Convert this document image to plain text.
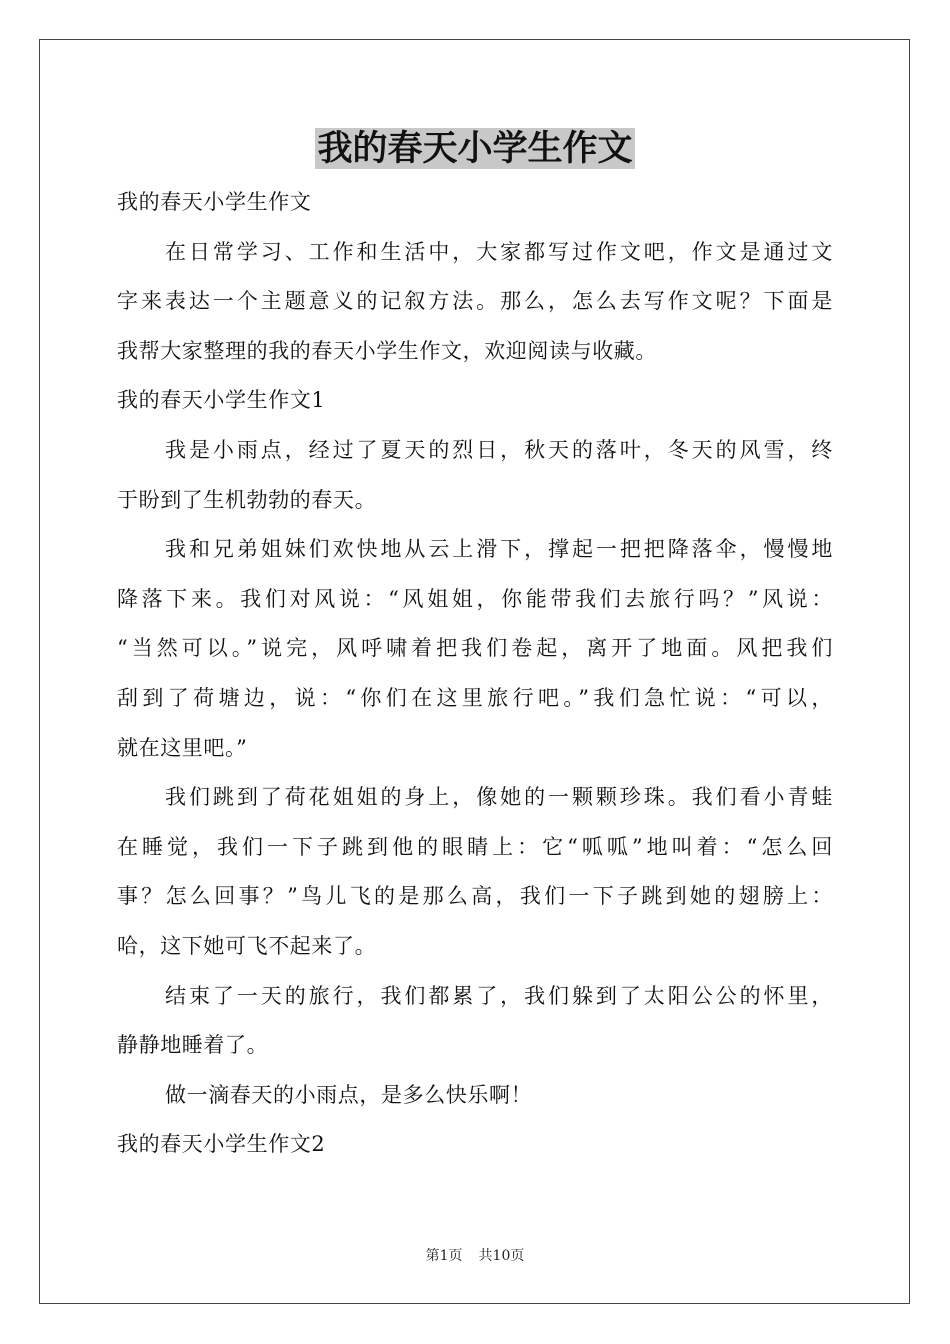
我的春天小学生作文

我的春天小学生作文

在日常学习、工作和生活中，大家都写过作文吧，作文是通过文

字来表达一个主题意义的记叙方法。那么，怎么去写作文呢？下面是

我帮大家整理的我的春天小学生作文，欢迎阅读与收藏。

我的春天小学生作文1

我是小雨点，经过了夏天的烈日，秋天的落叶，冬天的风雪，终

于盼到了生机勃勃的春天。

我和兄弟姐妹们欢快地从云上滑下，撑起一把把降落伞，慢慢地

降落下来。我们对风说：“风姐姐，你能带我们去旅行吗？”风说：

“当然可以。”说完，风呼啸着把我们卷起，离开了地面。风把我们

刮到了荷塘边，说：“你们在这里旅行吧。”我们急忙说：“可以，

就在这里吧。”

我们跳到了荷花姐姐的身上，像她的一颗颗珍珠。我们看小青蛙

在睡觉，我们一下子跳到他的眼睛上：它“呱呱”地叫着：“怎么回

事？怎么回事？”鸟儿飞的是那么高，我们一下子跳到她的翅膀上：

哈，这下她可飞不起来了。

结束了一天的旅行，我们都累了，我们躲到了太阳公公的怀里，

静静地睡着了。

做一滴春天的小雨点，是多么快乐啊！

我的春天小学生作文2

第1页 共10页
